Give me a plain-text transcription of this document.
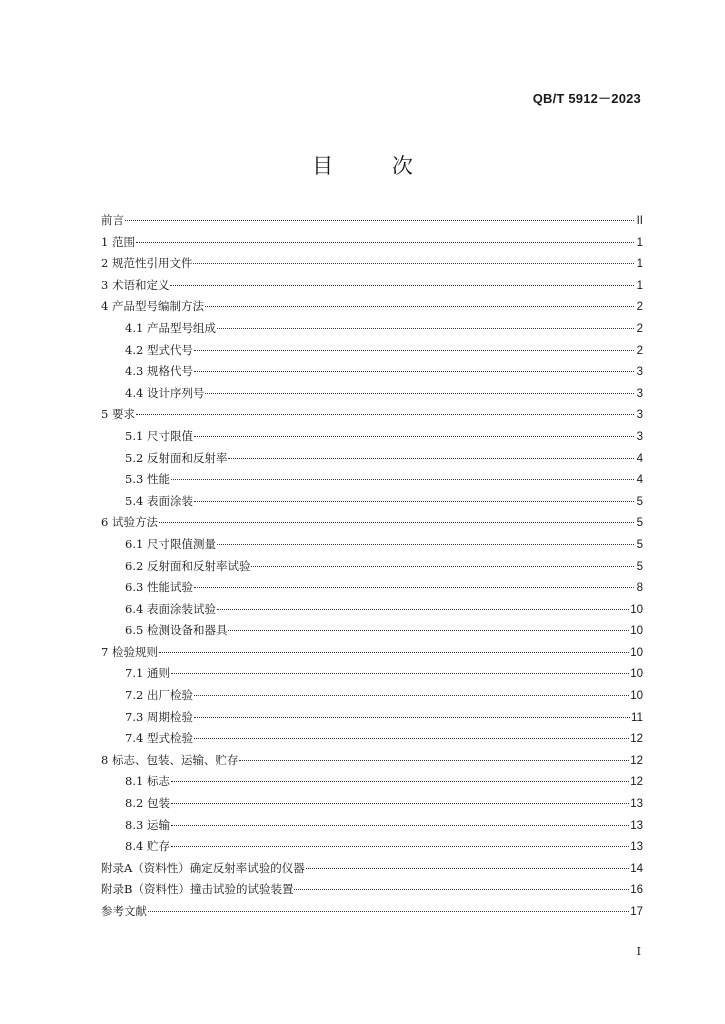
QB/T 5912－2023
目 次
前言	II
1 范围	1
2 规范性引用文件	1
3 术语和定义	1
4 产品型号编制方法	2
4.1 产品型号组成	2
4.2 型式代号	2
4.3 规格代号	3
4.4 设计序列号	3
5 要求	3
5.1 尺寸限值	3
5.2 反射面和反射率	4
5.3 性能	4
5.4 表面涂装	5
6 试验方法	5
6.1 尺寸限值测量	5
6.2 反射面和反射率试验	5
6.3 性能试验	8
6.4 表面涂装试验	10
6.5 检测设备和器具	10
7 检验规则	10
7.1 通则	10
7.2 出厂检验	10
7.3 周期检验	11
7.4 型式检验	12
8 标志、包装、运输、贮存	12
8.1 标志	12
8.2 包装	13
8.3 运输	13
8.4 贮存	13
附录A（资料性）确定反射率试验的仪器	14
附录B（资料性）撞击试验的试验装置	16
参考文献	17
I
